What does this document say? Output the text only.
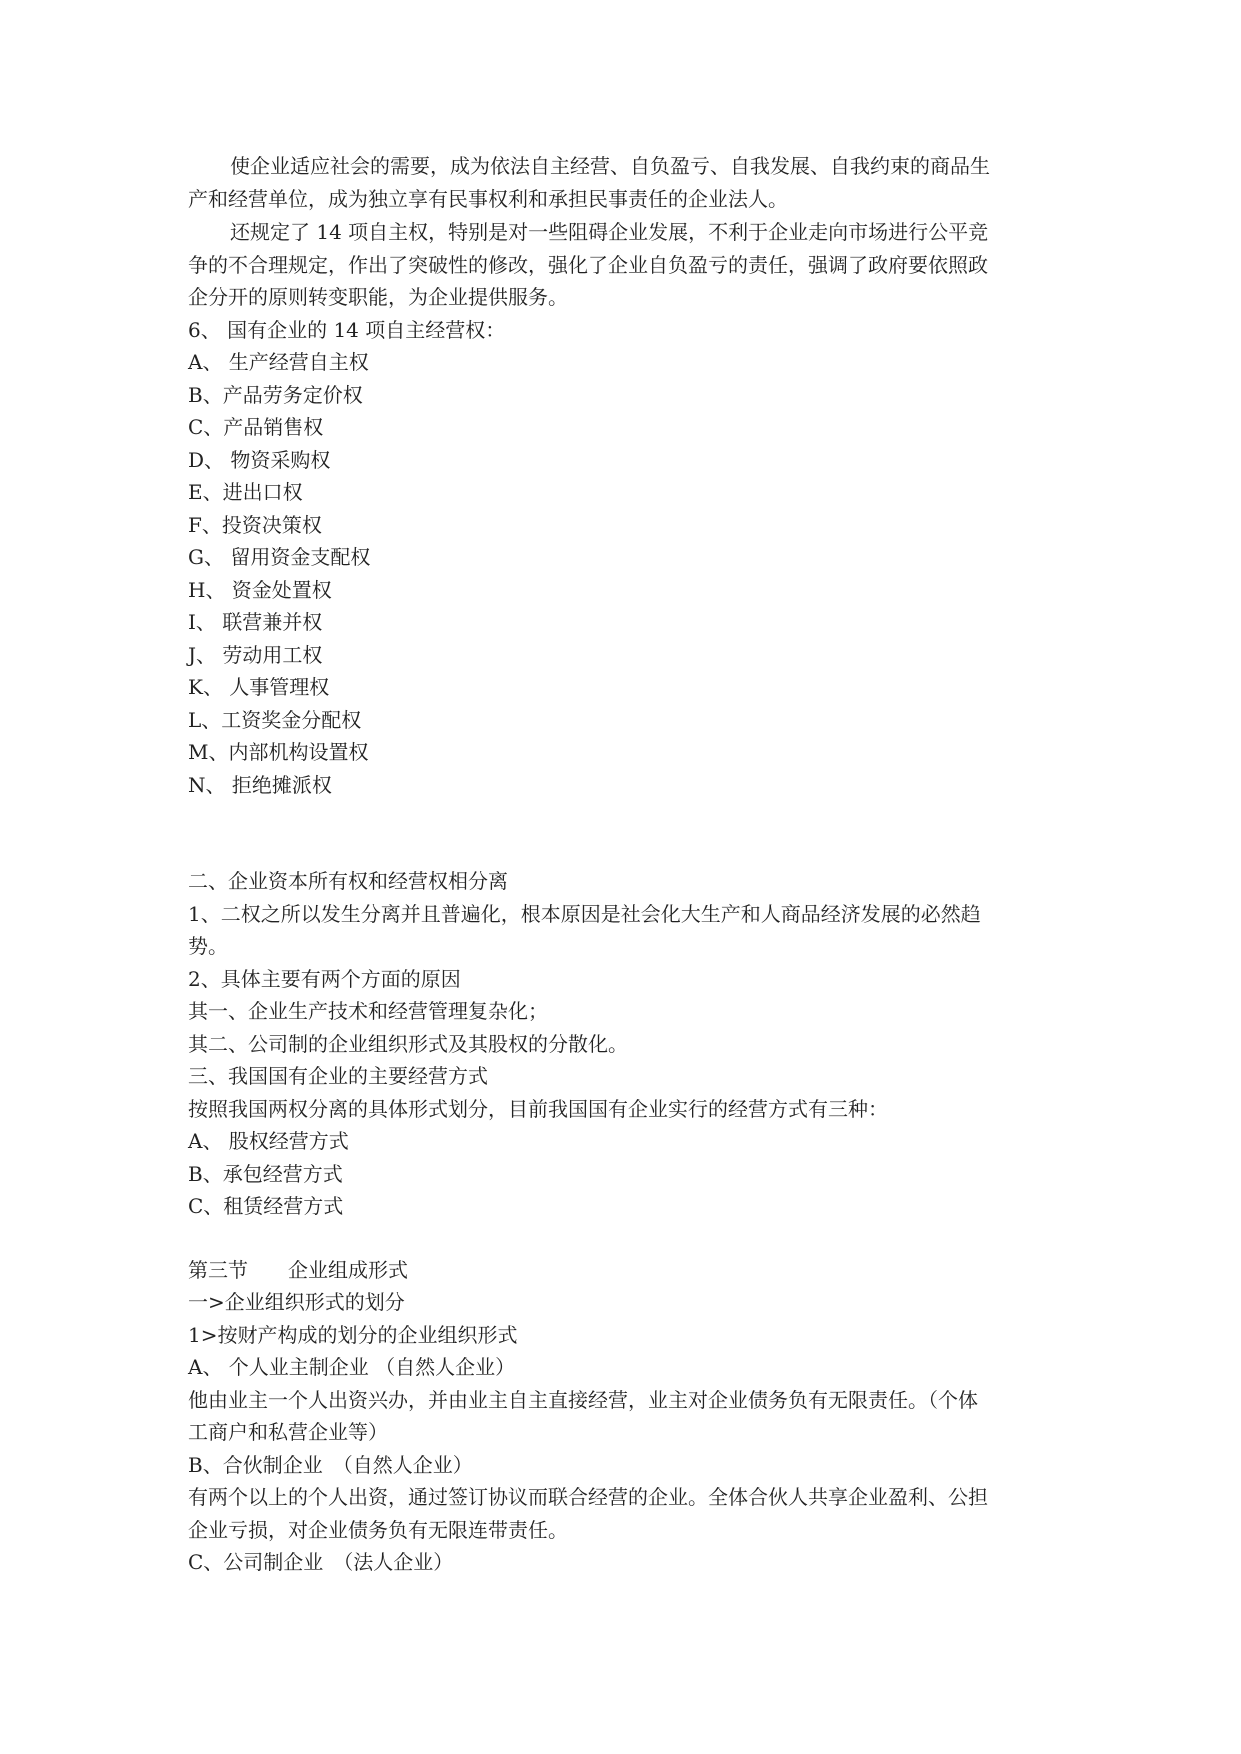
使企业适应社会的需要，成为依法自主经营、自负盈亏、自我发展、自我约束的商品生
产和经营单位，成为独立享有民事权利和承担民事责任的企业法人。
还规定了 14 项自主权，特别是对一些阻碍企业发展，不利于企业走向市场进行公平竞
争的不合理规定，作出了突破性的修改，强化了企业自负盈亏的责任，强调了政府要依照政
企分开的原则转变职能，为企业提供服务。
6、 国有企业的 14 项自主经营权：
A、 生产经营自主权
B、产品劳务定价权
C、产品销售权
D、 物资采购权
E、进出口权
F、投资决策权
G、 留用资金支配权
H、 资金处置权
I、 联营兼并权
J、 劳动用工权
K、 人事管理权
L、工资奖金分配权
M、内部机构设置权
N、 拒绝摊派权
二、企业资本所有权和经营权相分离
1、二权之所以发生分离并且普遍化，根本原因是社会化大生产和人商品经济发展的必然趋
势。
2、具体主要有两个方面的原因
其一、企业生产技术和经营管理复杂化；
其二、公司制的企业组织形式及其股权的分散化。
三、我国国有企业的主要经营方式
按照我国两权分离的具体形式划分，目前我国国有企业实行的经营方式有三种：
A、 股权经营方式
B、承包经营方式
C、租赁经营方式
第三节　　企业组成形式
一>企业组织形式的划分
1>按财产构成的划分的企业组织形式
A、 个人业主制企业 （自然人企业）
他由业主一个人出资兴办，并由业主自主直接经营，业主对企业债务负有无限责任。（个体
工商户和私营企业等）
B、合伙制企业　（自然人企业）
有两个以上的个人出资，通过签订协议而联合经营的企业。全体合伙人共享企业盈利、公担
企业亏损，对企业债务负有无限连带责任。
C、公司制企业　（法人企业）
